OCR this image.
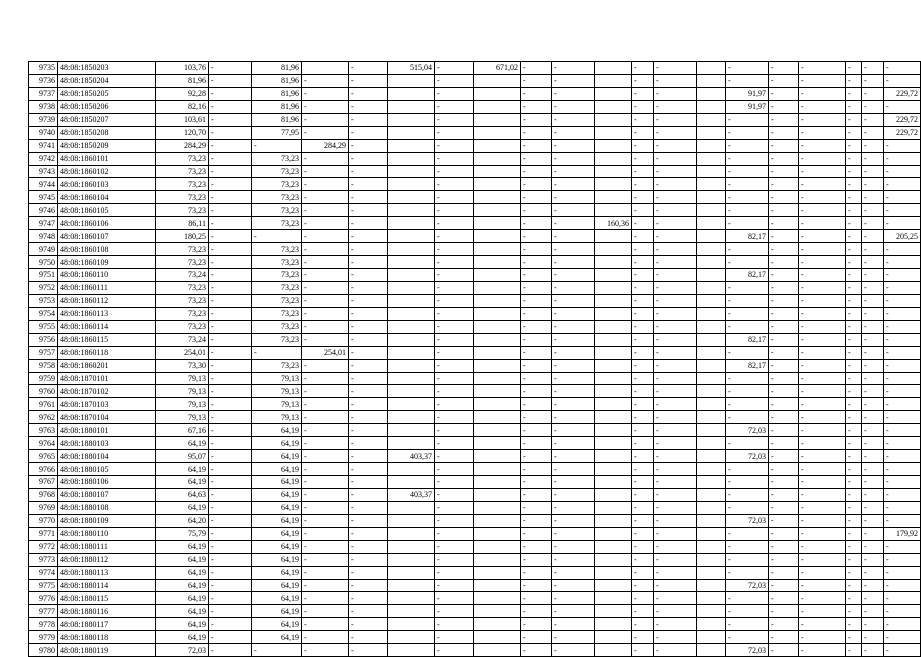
9735	48:08:1850203	103,76	-	81,96		-	515,04	-	671,02	-	-		-	-		-	-	-	-	-	-
9736	48:08:1850204	81,96	-	81,96	-	-		-		-	-		-	-		-	-	-	-	-	-
9737	48:08:1850205	92,28	-	81,96	-	-		-		-	-		-	-		91,97	-	-	-	-	229,72
9738	48:08:1850206	82,16	-	81,96	-	-		-		-	-		-	-		91,97	-	-	-	-	-
9739	48:08:1850207	103,61	-	81,96	-	-		-		-	-		-	-		-	-	-	-	-	229,72
9740	48:08:1850208	120,70	-	77,95	-	-		-		-	-		-	-		-	-	-	-	-	229,72
9741	48:08:1850209	284,29	-	-	284,29	-		-		-	-		-	-		-	-	-	-	-	-
9742	48:08:1860101	73,23	-	73,23	-	-		-		-	-		-	-		-	-	-	-	-	-
9743	48:08:1860102	73,23	-	73,23	-	-		-		-	-		-	-		-	-	-	-	-	-
9744	48:08:1860103	73,23	-	73,23	-	-		-		-	-		-	-		-	-	-	-	-	-
9745	48:08:1860104	73,23	-	73,23	-	-		-		-	-		-	-		-	-	-	-	-	-
9746	48:08:1860105	73,23	-	73,23	-	-		-		-	-		-	-		-	-	-	-	-	-
9747	48:08:1860106	86,11	-	73,23	-	-		-		-	-	160,36	-	-		-	-	-	-	-	-
9748	48:08:1860107	180,25	-	-	-	-		-		-	-		-	-		82,17	-	-	-	-	205,25
9749	48:08:1860108	73,23	-	73,23	-	-		-		-	-		-	-		-	-	-	-	-	-
9750	48:08:1860109	73,23	-	73,23	-	-		-		-	-		-	-		-	-	-	-	-	-
9751	48:08:1860110	73,24	-	73,23	-	-		-		-	-		-	-		82,17	-	-	-	-	-
9752	48:08:1860111	73,23	-	73,23	-	-		-		-	-		-	-		-	-	-	-	-	-
9753	48:08:1860112	73,23	-	73,23	-	-		-		-	-		-	-		-	-	-	-	-	-
9754	48:08:1860113	73,23	-	73,23	-	-		-		-	-		-	-		-	-	-	-	-	-
9755	48:08:1860114	73,23	-	73,23	-	-		-		-	-		-	-		-	-	-	-	-	-
9756	48:08:1860115	73,24	-	73,23	-	-		-		-	-		-	-		82,17	-	-	-	-	-
9757	48:08:1860118	254,01	-	-	254,01	-		-		-	-		-	-		-	-	-	-	-	-
9758	48:08:1860201	73,30	-	73,23	-	-		-		-	-		-	-		82,17	-	-	-	-	-
9759	48:08:1870101	79,13	-	79,13	-	-		-		-	-		-	-		-	-	-	-	-	-
9760	48:08:1870102	79,13	-	79,13	-	-		-		-	-		-	-		-	-	-	-	-	-
9761	48:08:1870103	79,13	-	79,13	-	-		-		-	-		-	-		-	-	-	-	-	-
9762	48:08:1870104	79,13	-	79,13	-	-		-		-	-		-	-		-	-	-	-	-	-
9763	48:08:1880101	67,16	-	64,19	-	-		-		-	-		-	-		72,03	-	-	-	-	-
9764	48:08:1880103	64,19	-	64,19	-	-		-		-	-		-	-		-	-	-	-	-	-
9765	48:08:1880104	95,07	-	64,19	-	-	403,37	-		-	-		-	-		72,03	-	-	-	-	-
9766	48:08:1880105	64,19	-	64,19	-	-		-		-	-		-	-		-	-	-	-	-	-
9767	48:08:1880106	64,19	-	64,19	-	-		-		-	-		-	-		-	-	-	-	-	-
9768	48:08:1880107	64,63	-	64,19	-	-	403,37	-		-	-		-	-		-	-	-	-	-	-
9769	48:08:1880108	64,19	-	64,19	-	-		-		-	-		-	-		-	-	-	-	-	-
9770	48:08:1880109	64,20	-	64,19	-	-		-		-	-		-	-		72,03	-	-	-	-	-
9771	48:08:1880110	75,79	-	64,19	-	-		-		-	-		-	-		-	-	-	-	-	179,92
9772	48:08:1880111	64,19	-	64,19	-	-		-		-	-		-	-		-	-	-	-	-	-
9773	48:08:1880112	64,19	-	64,19	-	-		-		-	-		-	-		-	-	-	-	-	-
9774	48:08:1880113	64,19	-	64,19	-	-		-		-	-		-	-		-	-	-	-	-	-
9775	48:08:1880114	64,19	-	64,19	-	-		-		-	-		-	-		72,03	-	-	-	-	-
9776	48:08:1880115	64,19	-	64,19	-	-		-		-	-		-	-		-	-	-	-	-	-
9777	48:08:1880116	64,19	-	64,19	-	-		-		-	-		-	-		-	-	-	-	-	-
9778	48:08:1880117	64,19	-	64,19	-	-		-		-	-		-	-		-	-	-	-	-	-
9779	48:08:1880118	64,19	-	64,19	-	-		-		-	-		-	-		-	-	-	-	-	-
9780	48:08:1880119	72,03	-	-	-	-		-		-	-		-	-		72,03	-	-	-	-	-
